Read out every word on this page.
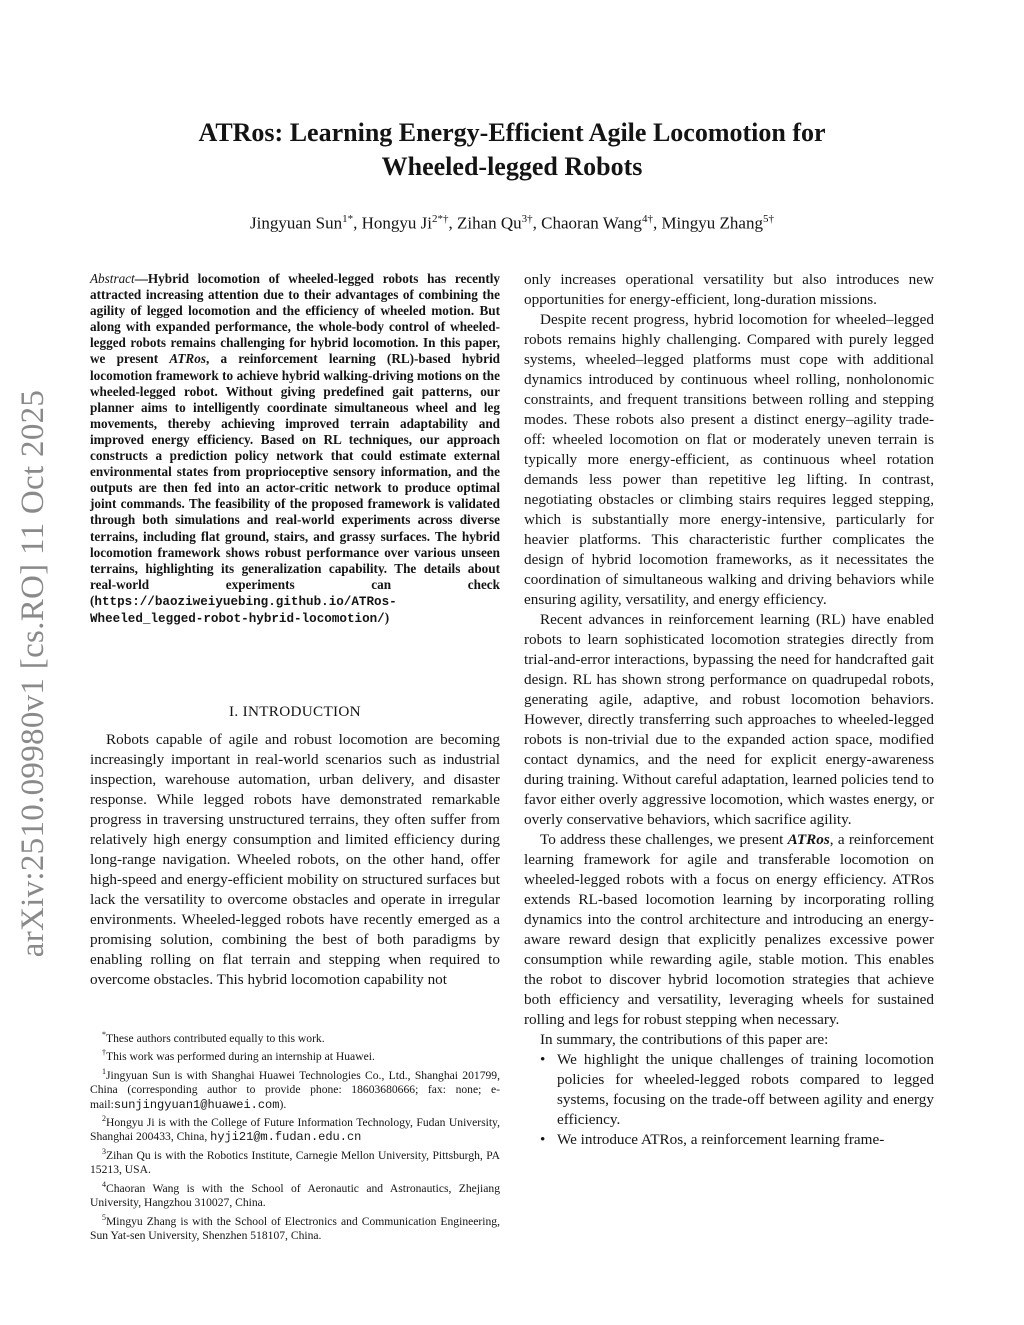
arXiv:2510.09980v1 [cs.RO] 11 Oct 2025
ATRos: Learning Energy-Efficient Agile Locomotion for
Wheeled-legged Robots
Jingyuan Sun$^{1*}$, Hongyu $Ji^{2*\dagger}$, Zihan $Qu^{3\dagger}$, Chaoran Wang$^{4\dagger}$, Mingyu Zhang$^{5\dagger}$
Abstract—Hybrid locomotion of wheeled-legged robots has recently attracted increasing attention due to their advantages of combining the agility of legged locomotion and the efficiency of wheeled motion. But along with expanded performance, the whole-body control of wheeled-legged robots remains challenging for hybrid locomotion. In this paper, we present ATRos, a reinforcement learning (RL)-based hybrid locomotion framework to achieve hybrid walking-driving motions on the wheeled-legged robot. Without giving predefined gait patterns, our planner aims to intelligently coordinate simultaneous wheel and leg movements, thereby achieving improved terrain adaptability and improved energy efficiency. Based on RL techniques, our approach constructs a prediction policy network that could estimate external environmental states from proprioceptive sensory information, and the outputs are then fed into an actor-critic network to produce optimal joint commands. The feasibility of the proposed framework is validated through both simulations and real-world experiments across diverse terrains, including flat ground, stairs, and grassy surfaces. The hybrid locomotion framework shows robust performance over various unseen terrains, highlighting its generalization capability. The details about real-world experiments can check (https://baoziweiyuebing.github.io/ATRos-Wheeled_legged-robot-hybrid-locomotion/)
I. INTRODUCTION

Robots capable of agile and robust locomotion are becoming increasingly important in real-world scenarios such as industrial inspection, warehouse automation, urban delivery, and disaster response. While legged robots have demonstrated remarkable progress in traversing unstructured terrains, they often suffer from relatively high energy consumption and limited efficiency during long-range navigation. Wheeled robots, on the other hand, offer high-speed and energy-efficient mobility on structured surfaces but lack the versatility to overcome obstacles and operate in irregular environments. Wheeled-legged robots have recently emerged as a promising solution, combining the best of both paradigms by enabling rolling on flat terrain and stepping when required to overcome obstacles. This hybrid locomotion capability not

*These authors contributed equally to this work.

†This work was performed during an internship at Huawei.

$^1$Jingyuan Sun is with Shanghai Huawei Technologies Co., Ltd., Shanghai 201799, China (corresponding author to provide phone: 18603680666; fax: none; e-mail:sunjingyuan1@huawei.com).

$^2$Hongyu Ji is with the College of Future Information Technology, Fudan University, Shanghai 200433, China, hyji21@m.fudan.edu.cn

$^3$Zihan Qu is with the Robotics Institute, Carnegie Mellon University, Pittsburgh, PA 15213, USA.

$^4$Chaoran Wang is with the School of Aeronautic and Astronautics, Zhejiang University, Hangzhou 310027, China.

$^5$Mingyu Zhang is with the School of Electronics and Communication Engineering, Sun Yat-sen University, Shenzhen 518107, China.

only increases operational versatility but also introduces new opportunities for energy-efficient, long-duration missions.

Despite recent progress, hybrid locomotion for wheeled–legged robots remains highly challenging. Compared with purely legged systems, wheeled–legged platforms must cope with additional dynamics introduced by continuous wheel rolling, nonholonomic constraints, and frequent transitions between rolling and stepping modes. These robots also present a distinct energy–agility trade-off: wheeled locomotion on flat or moderately uneven terrain is typically more energy-efficient, as continuous wheel rotation demands less power than repetitive leg lifting. In contrast, negotiating obstacles or climbing stairs requires legged stepping, which is substantially more energy-intensive, particularly for heavier platforms. This characteristic further complicates the design of hybrid locomotion frameworks, as it necessitates the coordination of simultaneous walking and driving behaviors while ensuring agility, versatility, and energy efficiency.

Recent advances in reinforcement learning (RL) have enabled robots to learn sophisticated locomotion strategies directly from trial-and-error interactions, bypassing the need for handcrafted gait design. RL has shown strong performance on quadrupedal robots, generating agile, adaptive, and robust locomotion behaviors. However, directly transferring such approaches to wheeled-legged robots is non-trivial due to the expanded action space, modified contact dynamics, and the need for explicit energy-awareness during training. Without careful adaptation, learned policies tend to favor either overly aggressive locomotion, which wastes energy, or overly conservative behaviors, which sacrifice agility.

To address these challenges, we present ATRos, a reinforcement learning framework for agile and transferable locomotion on wheeled-legged robots with a focus on energy efficiency. ATRos extends RL-based locomotion learning by incorporating rolling dynamics into the control architecture and introducing an energy-aware reward design that explicitly penalizes excessive power consumption while rewarding agile, stable motion. This enables the robot to discover hybrid locomotion strategies that achieve both efficiency and versatility, leveraging wheels for sustained rolling and legs for robust stepping when necessary.

In summary, the contributions of this paper are:

• We highlight the unique challenges of training locomotion policies for wheeled-legged robots compared to legged systems, focusing on the trade-off between agility and energy efficiency.
• We introduce ATRos, a reinforcement learning frame-
